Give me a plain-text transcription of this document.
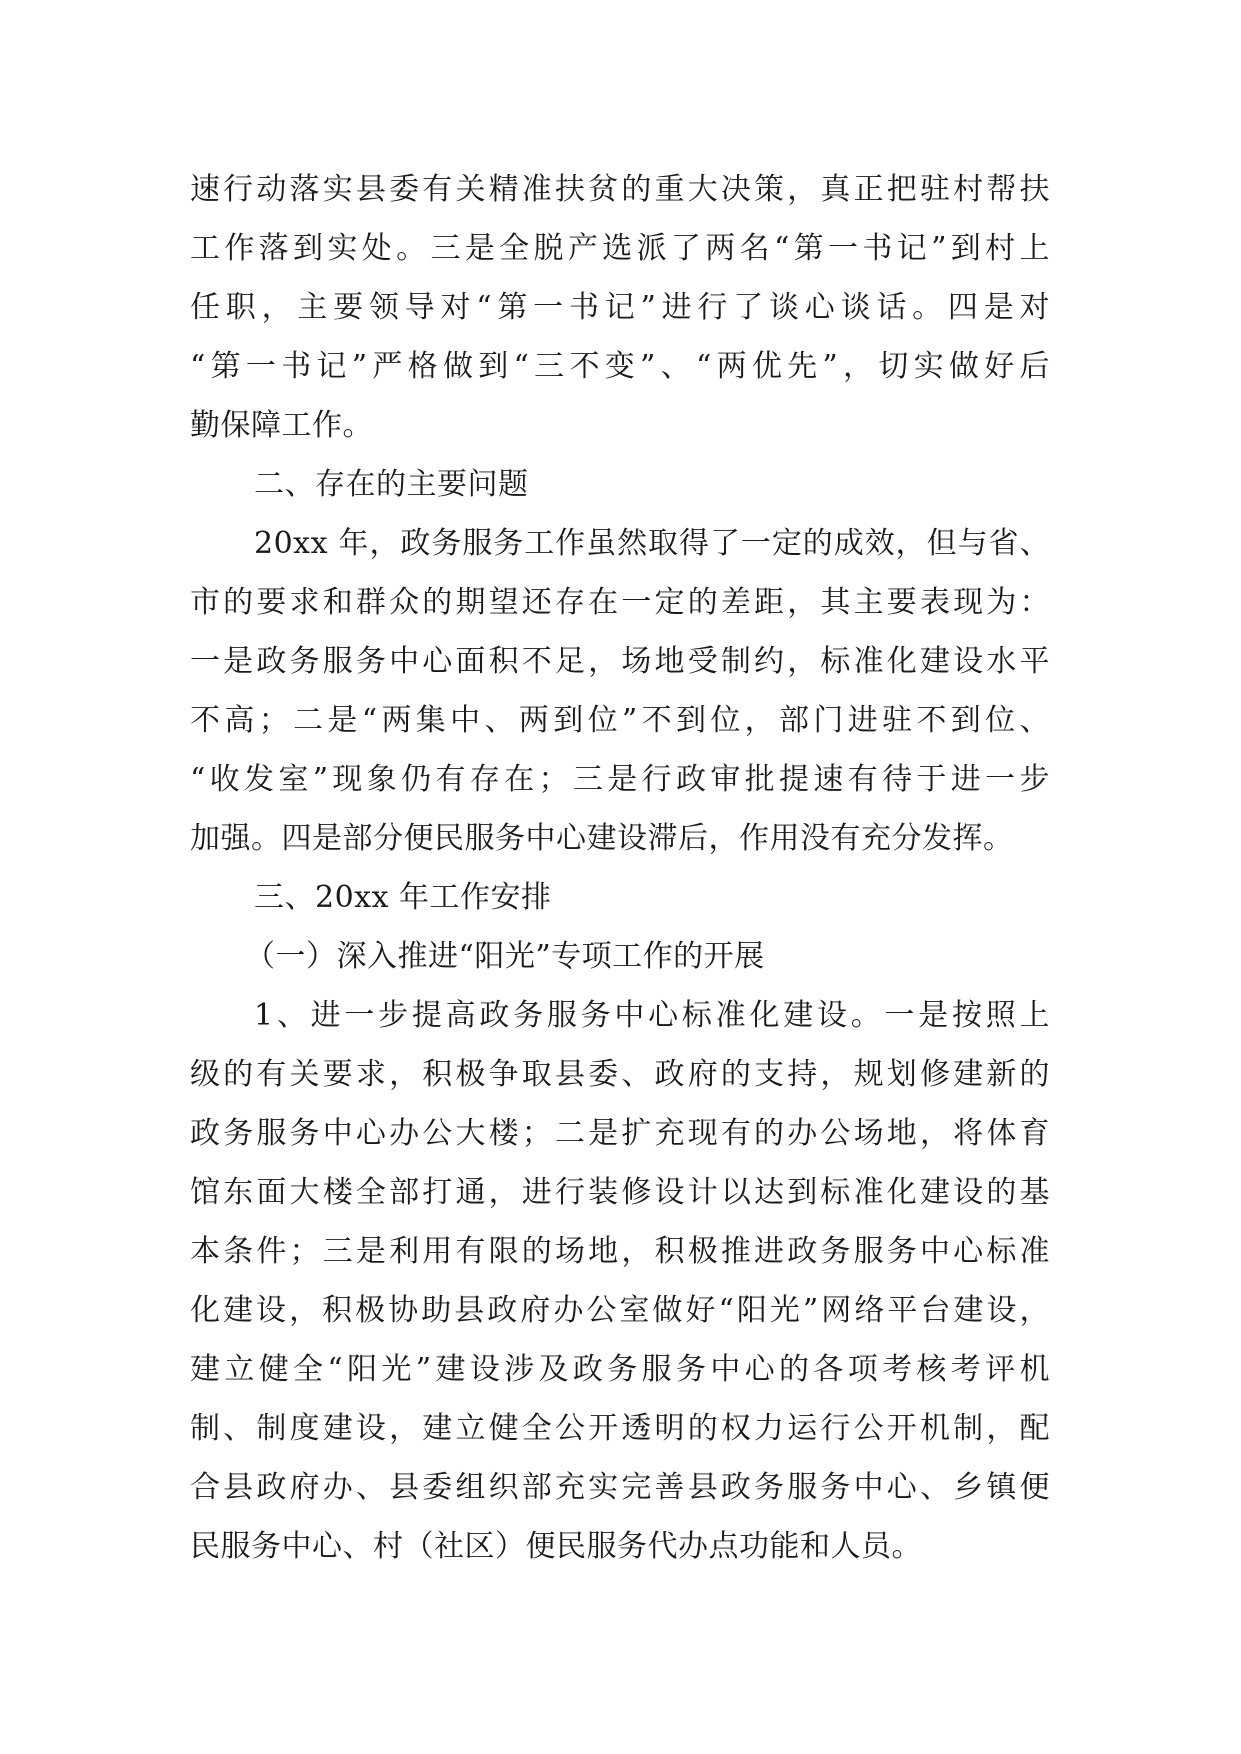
速行动落实县委有关精准扶贫的重大决策，真正把驻村帮扶
工作落到实处。三是全脱产选派了两名“第一书记”到村上
任职，主要领导对“第一书记”进行了谈心谈话。四是对
“第一书记”严格做到“三不变”、“两优先”，切实做好后
勤保障工作。
二、存在的主要问题
20xx 年，政务服务工作虽然取得了一定的成效，但与省、
市的要求和群众的期望还存在一定的差距，其主要表现为：
一是政务服务中心面积不足，场地受制约，标准化建设水平
不高；二是“两集中、两到位”不到位，部门进驻不到位、
“收发室”现象仍有存在；三是行政审批提速有待于进一步
加强。四是部分便民服务中心建设滞后，作用没有充分发挥。
三、20xx 年工作安排
（一）深入推进“阳光”专项工作的开展
1、进一步提高政务服务中心标准化建设。一是按照上
级的有关要求，积极争取县委、政府的支持，规划修建新的
政务服务中心办公大楼；二是扩充现有的办公场地，将体育
馆东面大楼全部打通，进行装修设计以达到标准化建设的基
本条件；三是利用有限的场地，积极推进政务服务中心标准
化建设，积极协助县政府办公室做好“阳光”网络平台建设，
建立健全“阳光”建设涉及政务服务中心的各项考核考评机
制、制度建设，建立健全公开透明的权力运行公开机制，配
合县政府办、县委组织部充实完善县政务服务中心、乡镇便
民服务中心、村（社区）便民服务代办点功能和人员。
